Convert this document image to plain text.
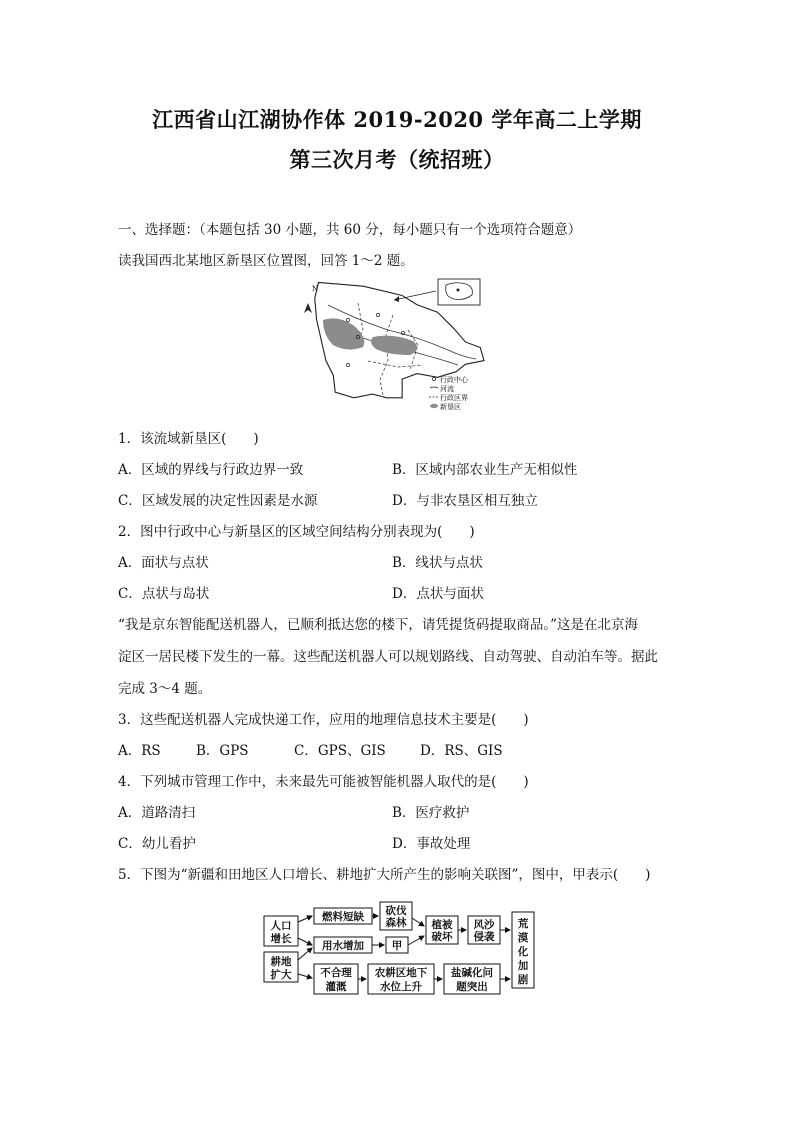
江西省山江湖协作体 2019-2020 学年高二上学期
第三次月考（统招班）
一、选择题：（本题包括 30 小题，共 60 分，每小题只有一个选项符合题意）
读我国西北某地区新垦区位置图，回答 1～2 题。
N
行政中心
河流
行政区界
新垦区
1．该流域新垦区(　　)
A．区域的界线与行政边界一致	B．区域内部农业生产无相似性
C．区域发展的决定性因素是水源	D．与非农垦区相互独立
2．图中行政中心与新垦区的区域空间结构分别表现为(　　)
A．面状与点状	B．线状与点状
C．点状与岛状	D．点状与面状
“我是京东智能配送机器人，已顺利抵达您的楼下，请凭提货码提取商品。”这是在北京海
淀区一居民楼下发生的一幕。这些配送机器人可以规划路线、自动驾驶、自动泊车等。据此
完成 3～4 题。
3．这些配送机器人完成快递工作，应用的地理信息技术主要是(　　)
A．RS	B．GPS	C．GPS、GIS	D．RS、GIS
4．下列城市管理工作中，未来最先可能被智能机器人取代的是(　　)
A．道路清扫	B．医疗救护
C．幼儿看护	D．事故处理
5．下图为“新疆和田地区人口增长、耕地扩大所产生的影响关联图”，图中，甲表示(　　)
人口
增长
耕地
扩大
燃料短缺
用水增加
砍伐
森林
甲
植被
破坏
风沙
侵袭
荒
漠
化
加
剧
不合理
灌溉
农耕区地下
水位上升
盐碱化问
题突出
